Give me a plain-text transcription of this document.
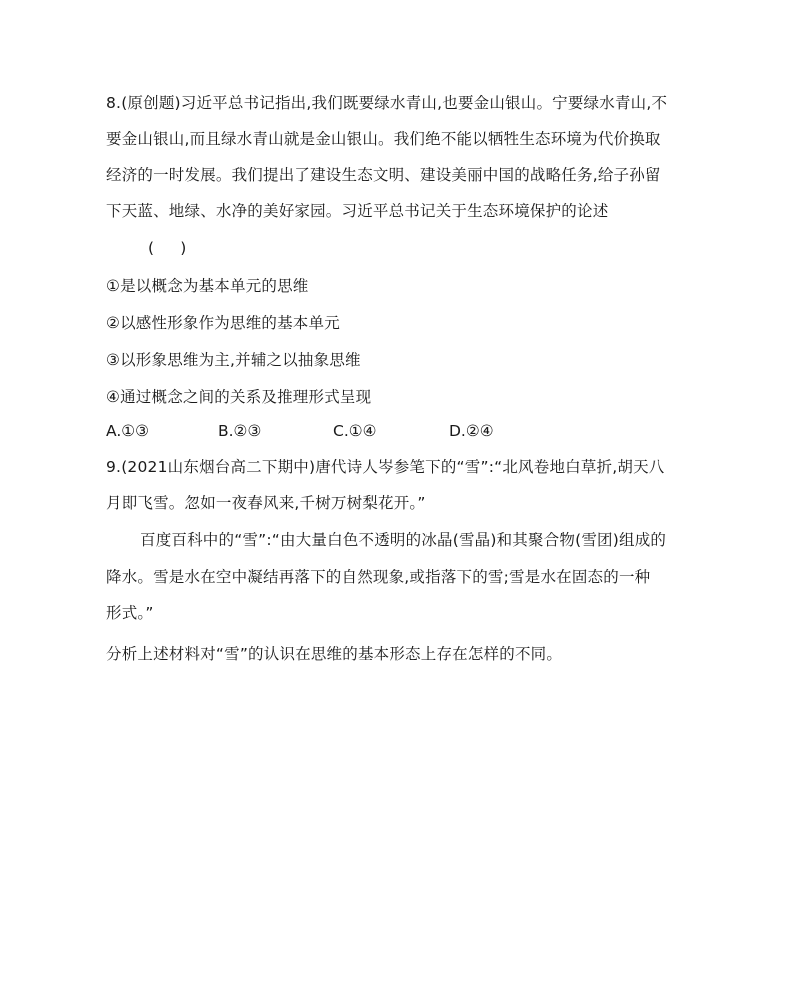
8.(原创题)习近平总书记指出,我们既要绿水青山,也要金山银山。宁要绿水青山,不
要金山银山,而且绿水青山就是金山银山。我们绝不能以牺牲生态环境为代价换取
经济的一时发展。我们提出了建设生态文明、建设美丽中国的战略任务,给子孙留
下天蓝、地绿、水净的美好家园。习近平总书记关于生态环境保护的论述
( )
①是以概念为基本单元的思维
②以感性形象作为思维的基本单元
③以形象思维为主,并辅之以抽象思维
④通过概念之间的关系及推理形式呈现
A.①③	B.②③	C.①④	D.②④
9.(2021山东烟台高二下期中)唐代诗人岑参笔下的“雪”:“北风卷地白草折,胡天八
月即飞雪。忽如一夜春风来,千树万树梨花开。”
百度百科中的“雪”:“由大量白色不透明的冰晶(雪晶)和其聚合物(雪团)组成的
降水。雪是水在空中凝结再落下的自然现象,或指落下的雪;雪是水在固态的一种
形式。”
分析上述材料对“雪”的认识在思维的基本形态上存在怎样的不同。
